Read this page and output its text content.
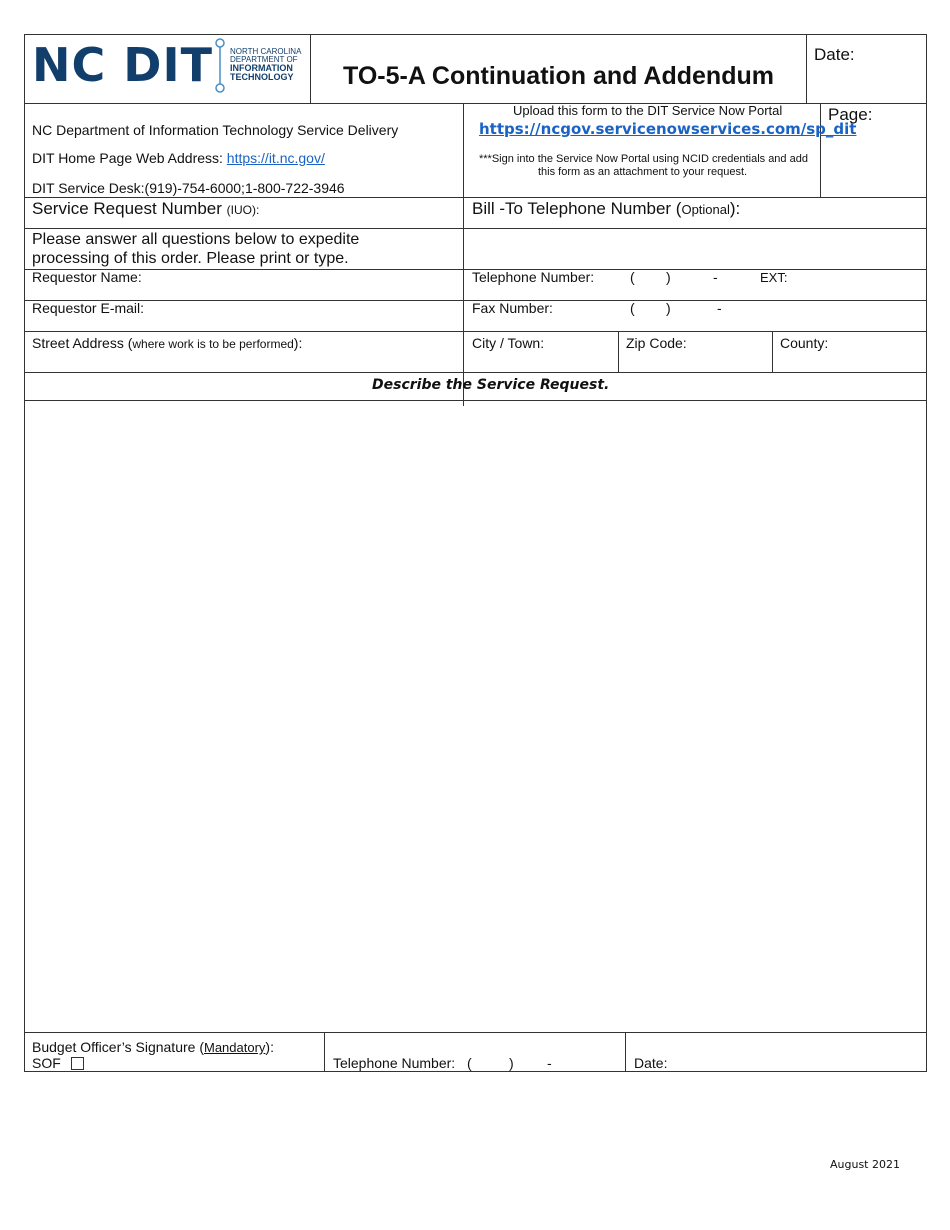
NC DIT NORTH CAROLINA
DEPARTMENT OF
INFORMATION
TECHNOLOGY TO-5-A Continuation and Addendum
Date:
Page:
NC Department of Information Technology Service Delivery
DIT Home Page Web Address: https://it.nc.gov/
DIT Service Desk:(919)-754-6000;1-800-722-3946
Upload this form to the DIT Service Now Portal
https://ncgov.servicenowservices.com/sp_dit
***Sign into the Service Now Portal using NCID credentials and add
this form as an attachment to your request.
Service Request Number (IUO):	Bill -To Telephone Number (Optional):
Please answer all questions below to expedite
processing of this order. Please print or type.
Requestor Name:	Telephone Number:	( )	-	EXT:
Requestor E-mail:	Fax Number:	( )	-
Street Address (where work is to be performed):	City / Town:	Zip Code:	County:
Describe the Service Request.
Budget Officer’s Signature (Mandatory):
SOF	Telephone Number: (	) -	Date:
August 2021
